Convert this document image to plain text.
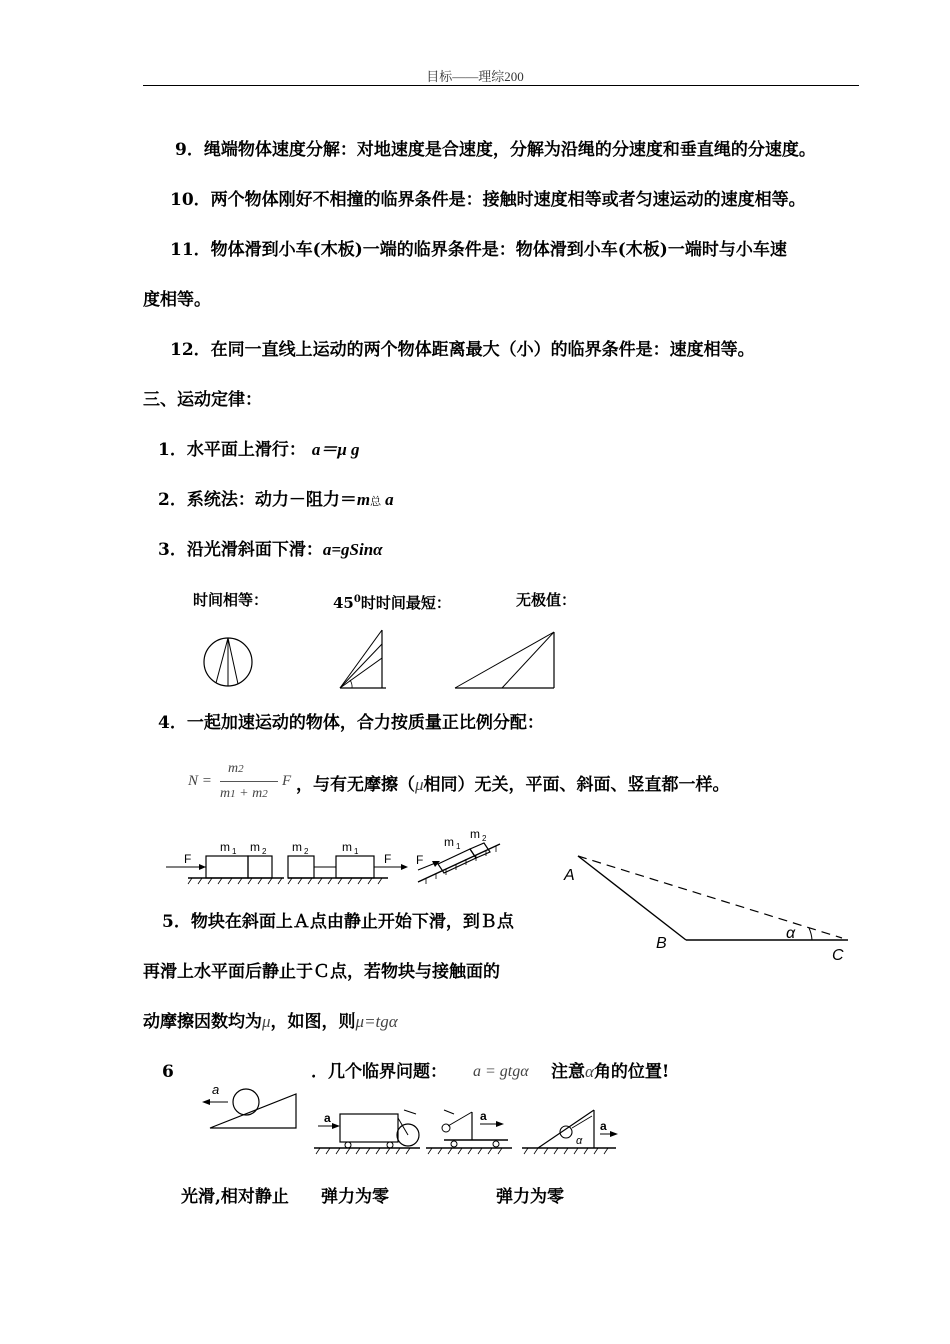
目标——理综200
9．绳端物体速度分解：对地速度是合速度，分解为沿绳的分速度和垂直绳的分速度。
10．两个物体刚好不相撞的临界条件是：接触时速度相等或者匀速运动的速度相等。
11．物体滑到小车(木板)一端的临界条件是：物体滑到小车(木板)一端时与小车速
度相等。
12．在同一直线上运动的两个物体距离最大（小）的临界条件是：速度相等。
三、运动定律：
1．水平面上滑行： a＝μ g
2．系统法：动力－阻力＝m总 a
3．沿光滑斜面下滑：a=gSinα
时间相等：	$45^0$时时间最短：	无极值：
4．一起加速运动的物体，合力按质量正比例分配：
N =
m2
m1 + m2
F ，与有无摩擦（μ相同）无关，平面、斜面、竖直都一样。
F
m 1 m 2 m 2	m 1
F F
m 1
m 2
A
B
C
α
5．物块在斜面上Ａ点由静止开始下滑，到Ｂ点
再滑上水平面后静止于Ｃ点，若物块与接触面的
动摩擦因数均为μ，如图，则μ=tgα
6	．几个临界问题： a = gtgα 注意α角的位置!
a
a	a
α
a
光滑,相对静止 弹力为零	弹力为零
